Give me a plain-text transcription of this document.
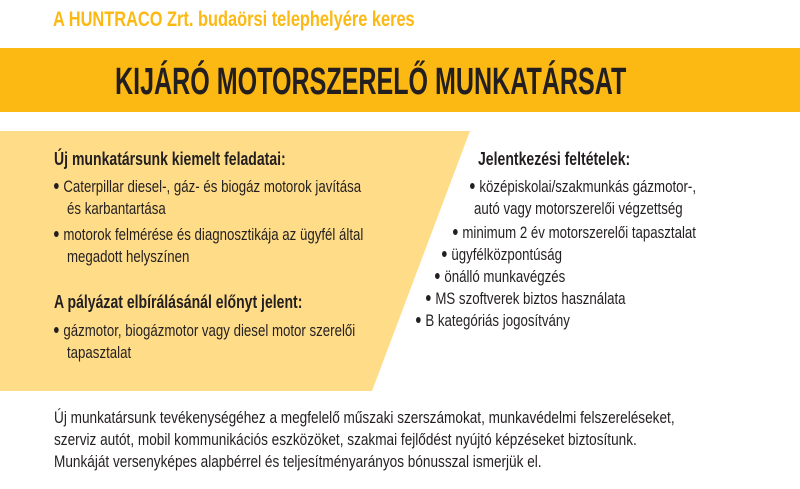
A HUNTRACO Zrt. budaörsi telephelyére keres
KIJÁRÓ MOTORSZERELŐ MUNKATÁRSAT
Új munkatársunk kiemelt feladatai:
Caterpillar diesel-, gáz- és biogáz motorok javítása
és karbantartása
motorok felmérése és diagnosztikája az ügyfél által
megadott helyszínen
A pályázat elbírálásánál előnyt jelent:
gázmotor, biogázmotor vagy diesel motor szerelői
tapasztalat
Jelentkezési feltételek:
középiskolai/szakmunkás gázmotor-,
autó vagy motorszerelői végzettség
minimum 2 év motorszerelői tapasztalat
ügyfélközpontúság
önálló munkavégzés
MS szoftverek biztos használata
B kategóriás jogosítvány
Új munkatársunk tevékenységéhez a megfelelő műszaki szerszámokat, munkavédelmi felszereléseket,
szerviz autót, mobil kommunikációs eszközöket, szakmai fejlődést nyújtó képzéseket biztosítunk.
Munkáját versenyképes alapbérrel és teljesítményarányos bónusszal ismerjük el.
